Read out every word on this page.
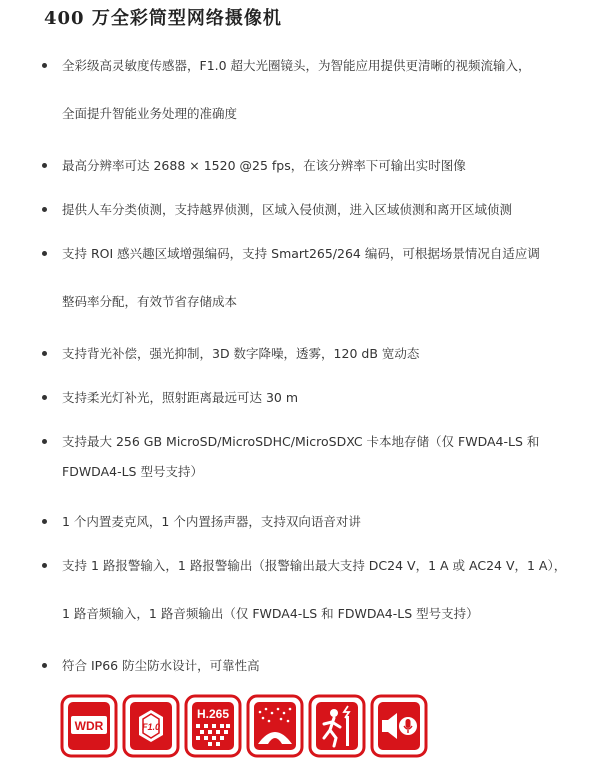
400 万全彩筒型网络摄像机
全彩级高灵敏度传感器，F1.0 超大光圈镜头，为智能应用提供更清晰的视频流输入，
全面提升智能业务处理的准确度
最高分辨率可达 2688 × 1520 @25 fps，在该分辨率下可输出实时图像
提供人车分类侦测，支持越界侦测，区域入侵侦测，进入区域侦测和离开区域侦测
支持 ROI 感兴趣区域增强编码，支持 Smart265/264 编码，可根据场景情况自适应调
整码率分配，有效节省存储成本
支持背光补偿，强光抑制，3D 数字降噪，透雾，120 dB 宽动态
支持柔光灯补光，照射距离最远可达 30 m
支持最大 256 GB MicroSD/MicroSDHC/MicroSDXC 卡本地存储（仅 FWDA4-LS 和
FDWDA4-LS 型号支持）
1 个内置麦克风，1 个内置扬声器，支持双向语音对讲
支持 1 路报警输入，1 路报警输出（报警输出最大支持 DC24 V，1 A 或 AC24 V，1 A），
1 路音频输入，1 路音频输出（仅 FWDA4-LS 和 FDWDA4-LS 型号支持）
符合 IP66 防尘防水设计，可靠性高
WDR	F1.0
H.265
